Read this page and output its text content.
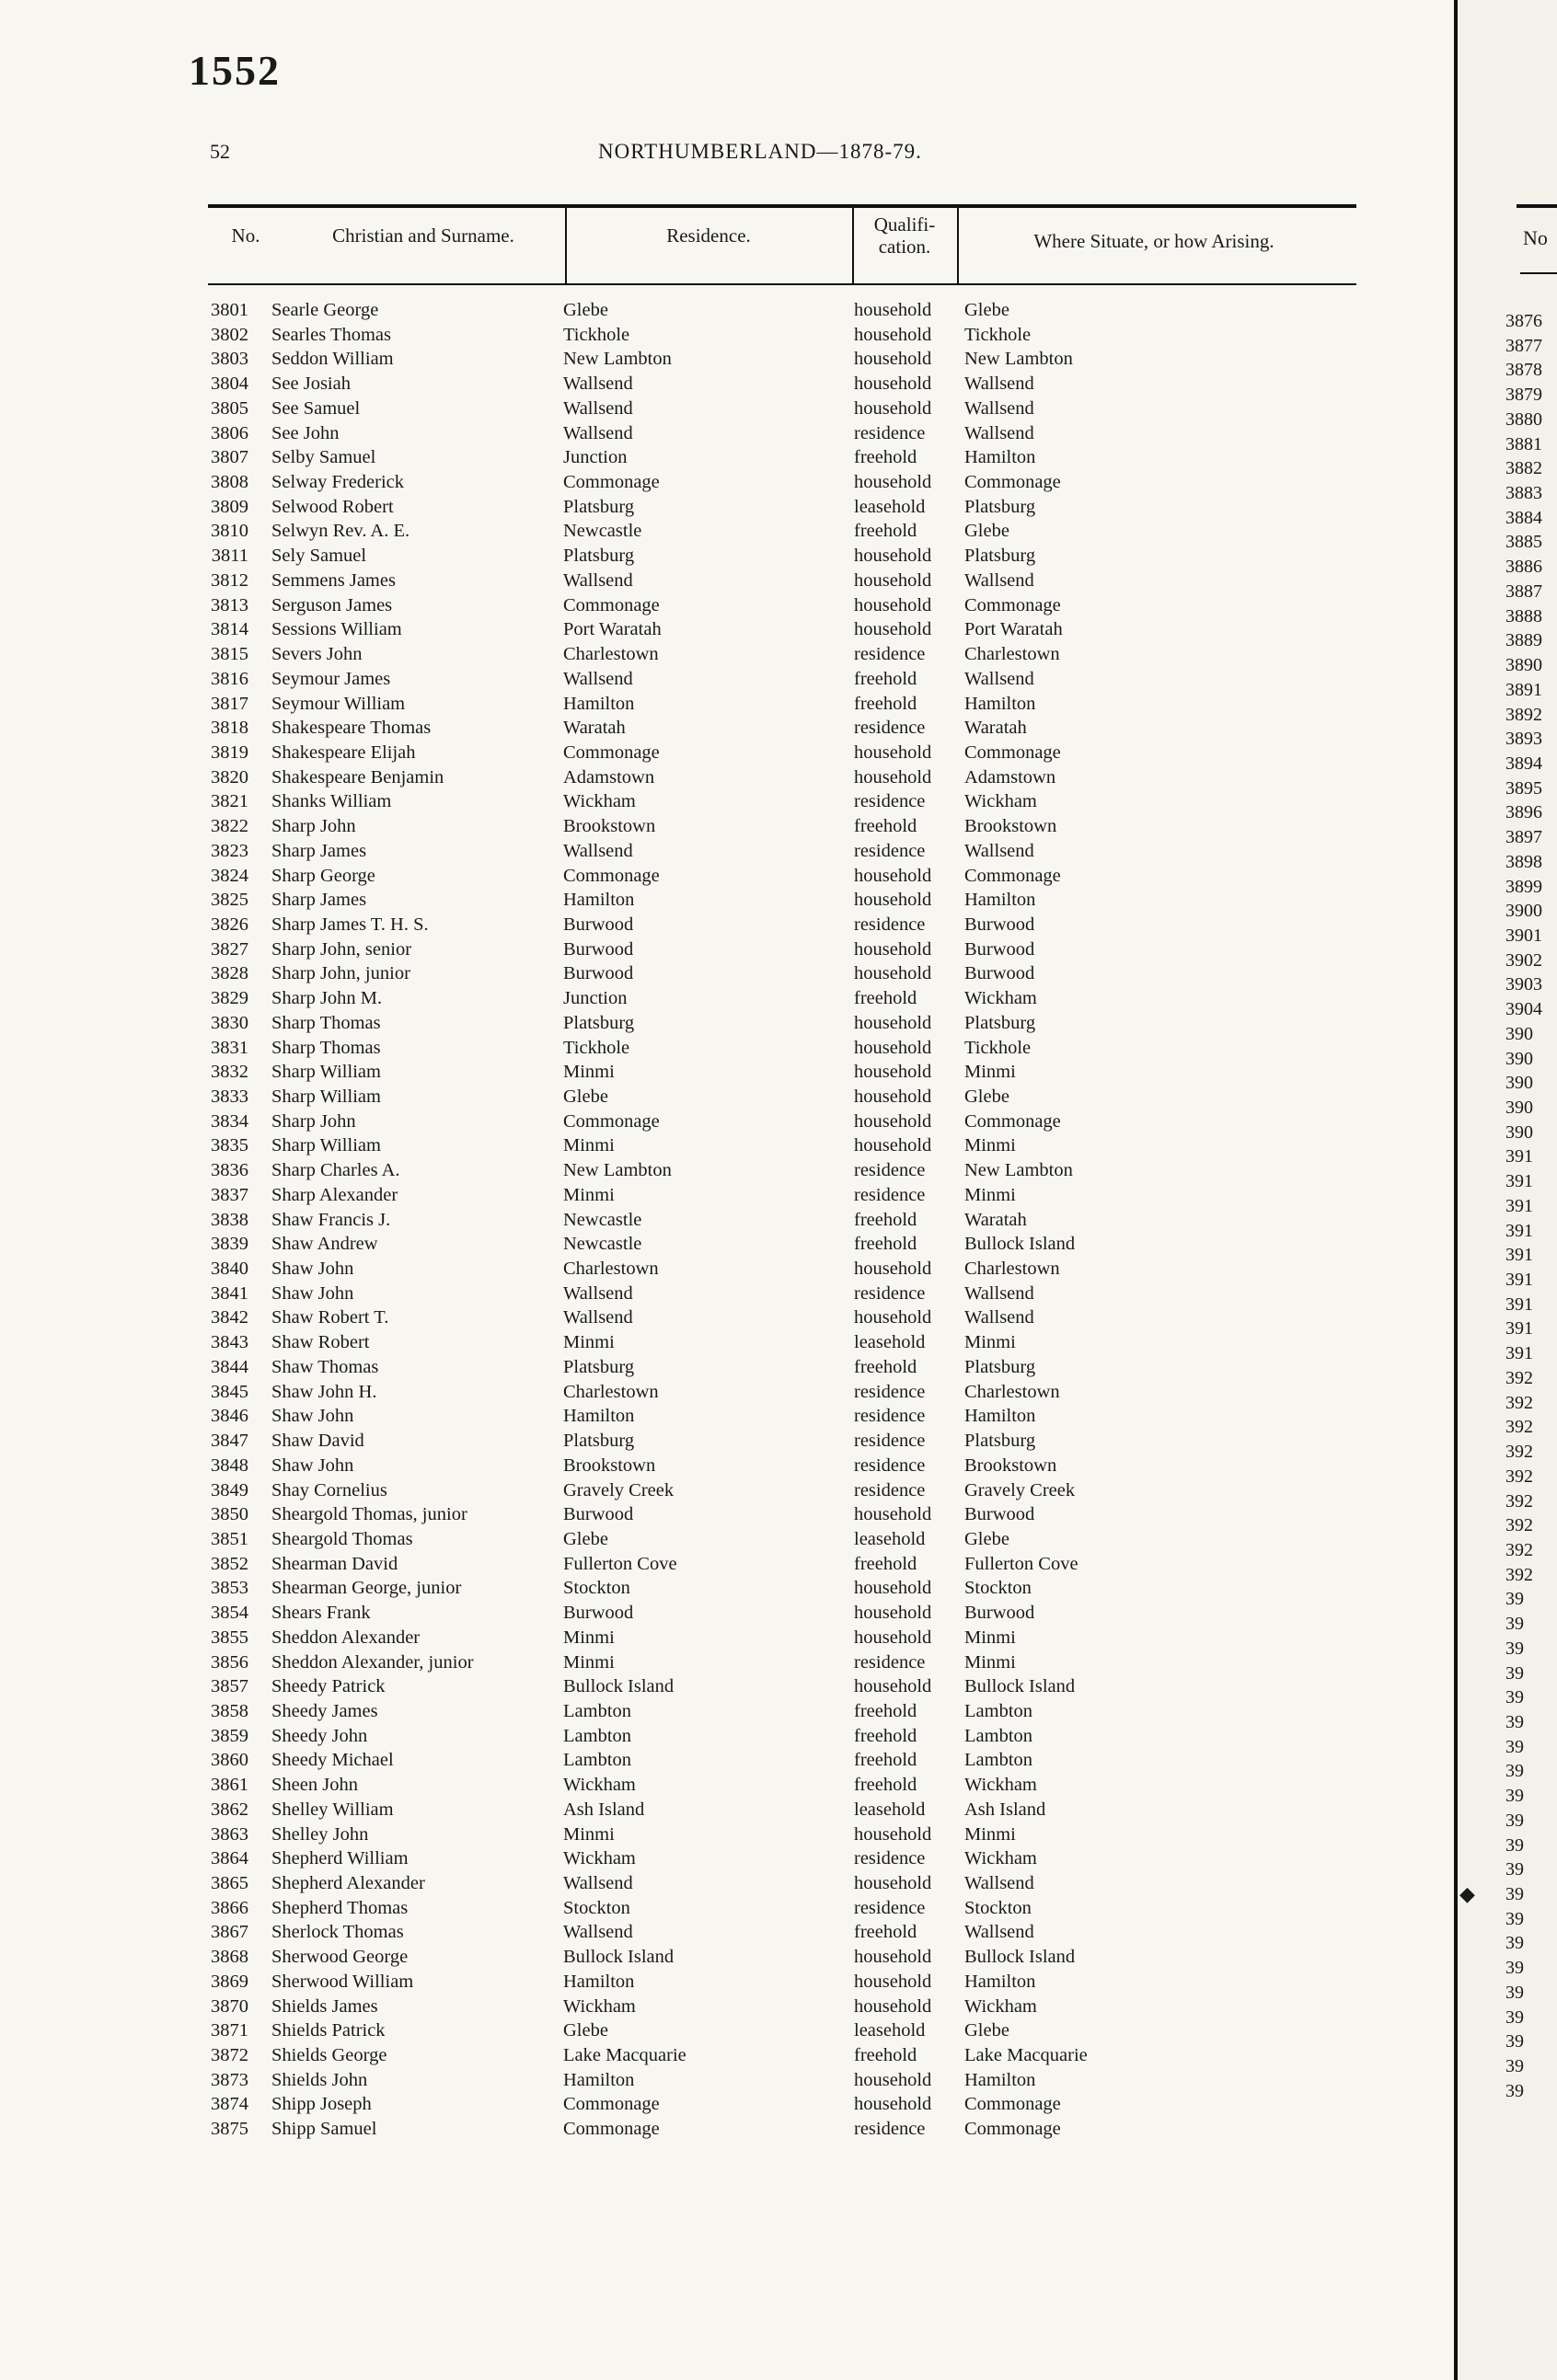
1552
52	NORTHUMBERLAND—1878-79.
No.	Christian and Surname.	Residence.	Qualifi-
cation.	Where Situate, or how Arising.
3801 Searle George	Glebe	household Glebe
3802 Searles Thomas	Tickhole	household Tickhole
3803 Seddon William	New Lambton	household New Lambton
3804 See Josiah	Wallsend	household Wallsend
3805 See Samuel	Wallsend	household Wallsend
3806 See John	Wallsend	residence Wallsend
3807 Selby Samuel	Junction	freehold	Hamilton
3808 Selway Frederick	Commonage	household Commonage
3809 Selwood Robert	Platsburg	leasehold Platsburg
3810 Selwyn Rev. A. E.	Newcastle	freehold	Glebe
3811 Sely Samuel	Platsburg	household Platsburg
3812 Semmens James	Wallsend	household Wallsend
3813 Serguson James	Commonage	household Commonage
3814 Sessions William	Port Waratah	household Port Waratah
3815 Severs John	Charlestown	residence Charlestown
3816 Seymour James	Wallsend	freehold	Wallsend
3817 Seymour William	Hamilton	freehold	Hamilton
3818 Shakespeare Thomas	Waratah	residence Waratah
3819 Shakespeare Elijah	Commonage	household Commonage
3820 Shakespeare Benjamin	Adamstown	household Adamstown
3821 Shanks William	Wickham	residence Wickham
3822 Sharp John	Brookstown	freehold	Brookstown
3823 Sharp James	Wallsend	residence Wallsend
3824 Sharp George	Commonage	household Commonage
3825 Sharp James	Hamilton	household Hamilton
3826 Sharp James T. H. S.	Burwood	residence Burwood
3827 Sharp John, senior	Burwood	household Burwood
3828 Sharp John, junior	Burwood	household Burwood
3829 Sharp John M.	Junction	freehold	Wickham
3830 Sharp Thomas	Platsburg	household Platsburg
3831 Sharp Thomas	Tickhole	household Tickhole
3832 Sharp William	Minmi	household Minmi
3833 Sharp William	Glebe	household Glebe
3834 Sharp John	Commonage	household Commonage
3835 Sharp William	Minmi	household Minmi
3836 Sharp Charles A.	New Lambton	residence New Lambton
3837 Sharp Alexander	Minmi	residence Minmi
3838 Shaw Francis J.	Newcastle	freehold	Waratah
3839 Shaw Andrew	Newcastle	freehold	Bullock Island
3840 Shaw John	Charlestown	household Charlestown
3841 Shaw John	Wallsend	residence Wallsend
3842 Shaw Robert T.	Wallsend	household Wallsend
3843 Shaw Robert	Minmi	leasehold Minmi
3844 Shaw Thomas	Platsburg	freehold	Platsburg
3845 Shaw John H.	Charlestown	residence Charlestown
3846 Shaw John	Hamilton	residence Hamilton
3847 Shaw David	Platsburg	residence Platsburg
3848 Shaw John	Brookstown	residence Brookstown
3849 Shay Cornelius	Gravely Creek	residence Gravely Creek
3850 Sheargold Thomas, junior	Burwood	household Burwood
3851 Sheargold Thomas	Glebe	leasehold Glebe
3852 Shearman David	Fullerton Cove	freehold	Fullerton Cove
3853 Shearman George, junior	Stockton	household Stockton
3854 Shears Frank	Burwood	household Burwood
3855 Sheddon Alexander	Minmi	household Minmi
3856 Sheddon Alexander, junior	Minmi	residence Minmi
3857 Sheedy Patrick	Bullock Island	household Bullock Island
3858 Sheedy James	Lambton	freehold	Lambton
3859 Sheedy John	Lambton	freehold	Lambton
3860 Sheedy Michael	Lambton	freehold	Lambton
3861 Sheen John	Wickham	freehold	Wickham
3862 Shelley William	Ash Island	leasehold Ash Island
3863 Shelley John	Minmi	household Minmi
3864 Shepherd William	Wickham	residence Wickham
3865 Shepherd Alexander	Wallsend	household Wallsend
3866 Shepherd Thomas	Stockton	residence Stockton
3867 Sherlock Thomas	Wallsend	freehold	Wallsend
3868 Sherwood George	Bullock Island	household Bullock Island
3869 Sherwood William	Hamilton	household Hamilton
3870 Shields James	Wickham	household Wickham
3871 Shields Patrick	Glebe	leasehold Glebe
3872 Shields George	Lake Macquarie	freehold	Lake Macquarie
3873 Shields John	Hamilton	household Hamilton
3874 Shipp Joseph	Commonage	household Commonage
3875 Shipp Samuel	Commonage	residence Commonage
No
3876
3877
3878
3879
3880
3881
3882
3883
3884
3885
3886
3887
3888
3889
3890
3891
3892
3893
3894
3895
3896
3897
3898
3899
3900
3901
3902
3903
3904
390
390
390
390
390
391
391
391
391
391
391
391
391
391
392
392
392
392
392
392
392
392
392
39
39
39
39
39
39
39
39
39
39
39
39
39
39
39
39
39
39
39
39
39
◆
